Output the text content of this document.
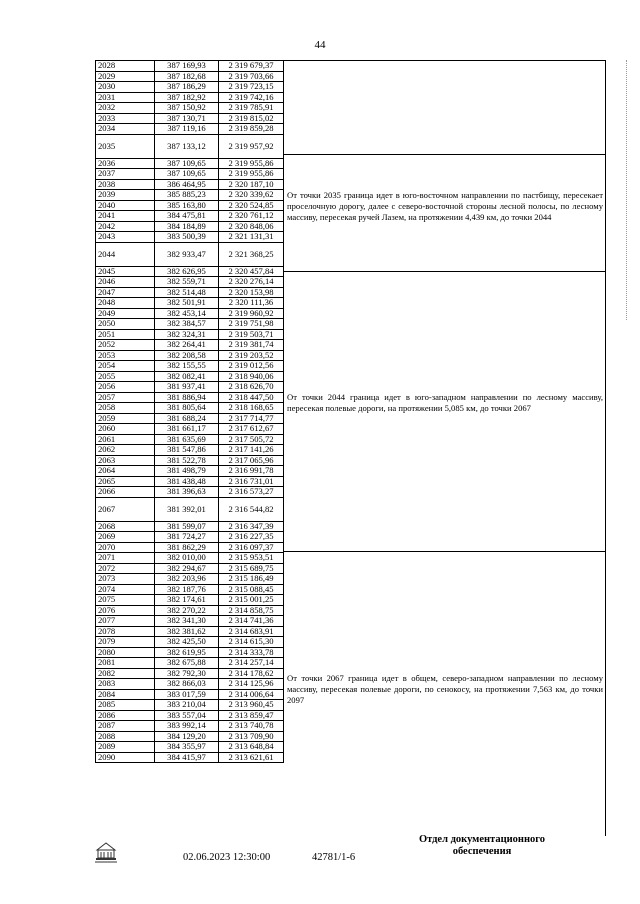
44
2028	387 169,93	2 319 679,37
2029	387 182,68	2 319 703,66
2030	387 186,29	2 319 723,15
2031	387 182,92	2 319 742,16
2032	387 150,92	2 319 785,91
2033	387 130,71	2 319 815,02
2034	387 119,16	2 319 859,28
2035	387 133,12	2 319 957,92
2036	387 109,65	2 319 955,86
2037	387 109,65	2 319 955,86
2038	386 464,95	2 320 187,10
2039	385 885,23	2 320 339,62
2040	385 163,80	2 320 524,85
2041	384 475,81	2 320 761,12
2042	384 184,89	2 320 848,06
2043	383 500,39	2 321 131,31
2044	382 933,47	2 321 368,25
2045	382 626,95	2 320 457,84
2046	382 559,71	2 320 276,14
2047	382 514,48	2 320 153,98
2048	382 501,91	2 320 111,36
2049	382 453,14	2 319 960,92
2050	382 384,57	2 319 751,98
2051	382 324,31	2 319 503,71
2052	382 264,41	2 319 381,74
2053	382 208,58	2 319 203,52
2054	382 155,55	2 319 012,56
2055	382 082,41	2 318 940,06
2056	381 937,41	2 318 626,70
2057	381 886,94	2 318 447,50
2058	381 805,64	2 318 168,65
2059	381 688,24	2 317 714,77
2060	381 661,17	2 317 612,67
2061	381 635,69	2 317 505,72
2062	381 547,86	2 317 141,26
2063	381 522,78	2 317 065,96
2064	381 498,79	2 316 991,78
2065	381 438,48	2 316 731,01
2066	381 396,63	2 316 573,27
2067	381 392,01	2 316 544,82
2068	381 599,07	2 316 347,39
2069	381 724,27	2 316 227,35
2070	381 862,29	2 316 097,37
2071	382 010,00	2 315 953,51
2072	382 294,67	2 315 689,75
2073	382 203,96	2 315 186,49
2074	382 187,76	2 315 088,45
2075	382 174,61	2 315 001,25
2076	382 270,22	2 314 858,75
2077	382 341,30	2 314 741,36
2078	382 381,62	2 314 683,91
2079	382 425,50	2 314 615,30
2080	382 619,95	2 314 333,78
2081	382 675,88	2 314 257,14
2082	382 792,30	2 314 178,62
2083	382 866,03	2 314 125,96
2084	383 017,59	2 314 006,64
2085	383 210,04	2 313 960,45
2086	383 557,04	2 313 859,47
2087	383 992,14	2 313 740,78
2088	384 129,20	2 313 709,90
2089	384 355,97	2 313 648,84
2090	384 415,97	2 313 621,61
От точки 2035 граница идет в юго-восточном направлении по пастбищу, пересекает проселочную дорогу, далее с северо-восточной стороны лесной полосы, по лесному массиву, пересекая ручей Лазем, на протяжении 4,439 км, до точки 2044
От точки 2044 граница идет в юго-западном направлении по лесному массиву, пересекая полевые дороги, на протяжении 5,085 км, до точки 2067
От точки 2067 граница идет в общем, северо-западном направлении по лесному массиву, пересекая полевые дороги, по сенокосу, на протяжении 7,563 км, до точки 2097
Отдел документационного обеспечения
02.06.2023 12:30:00	42781/1-6
